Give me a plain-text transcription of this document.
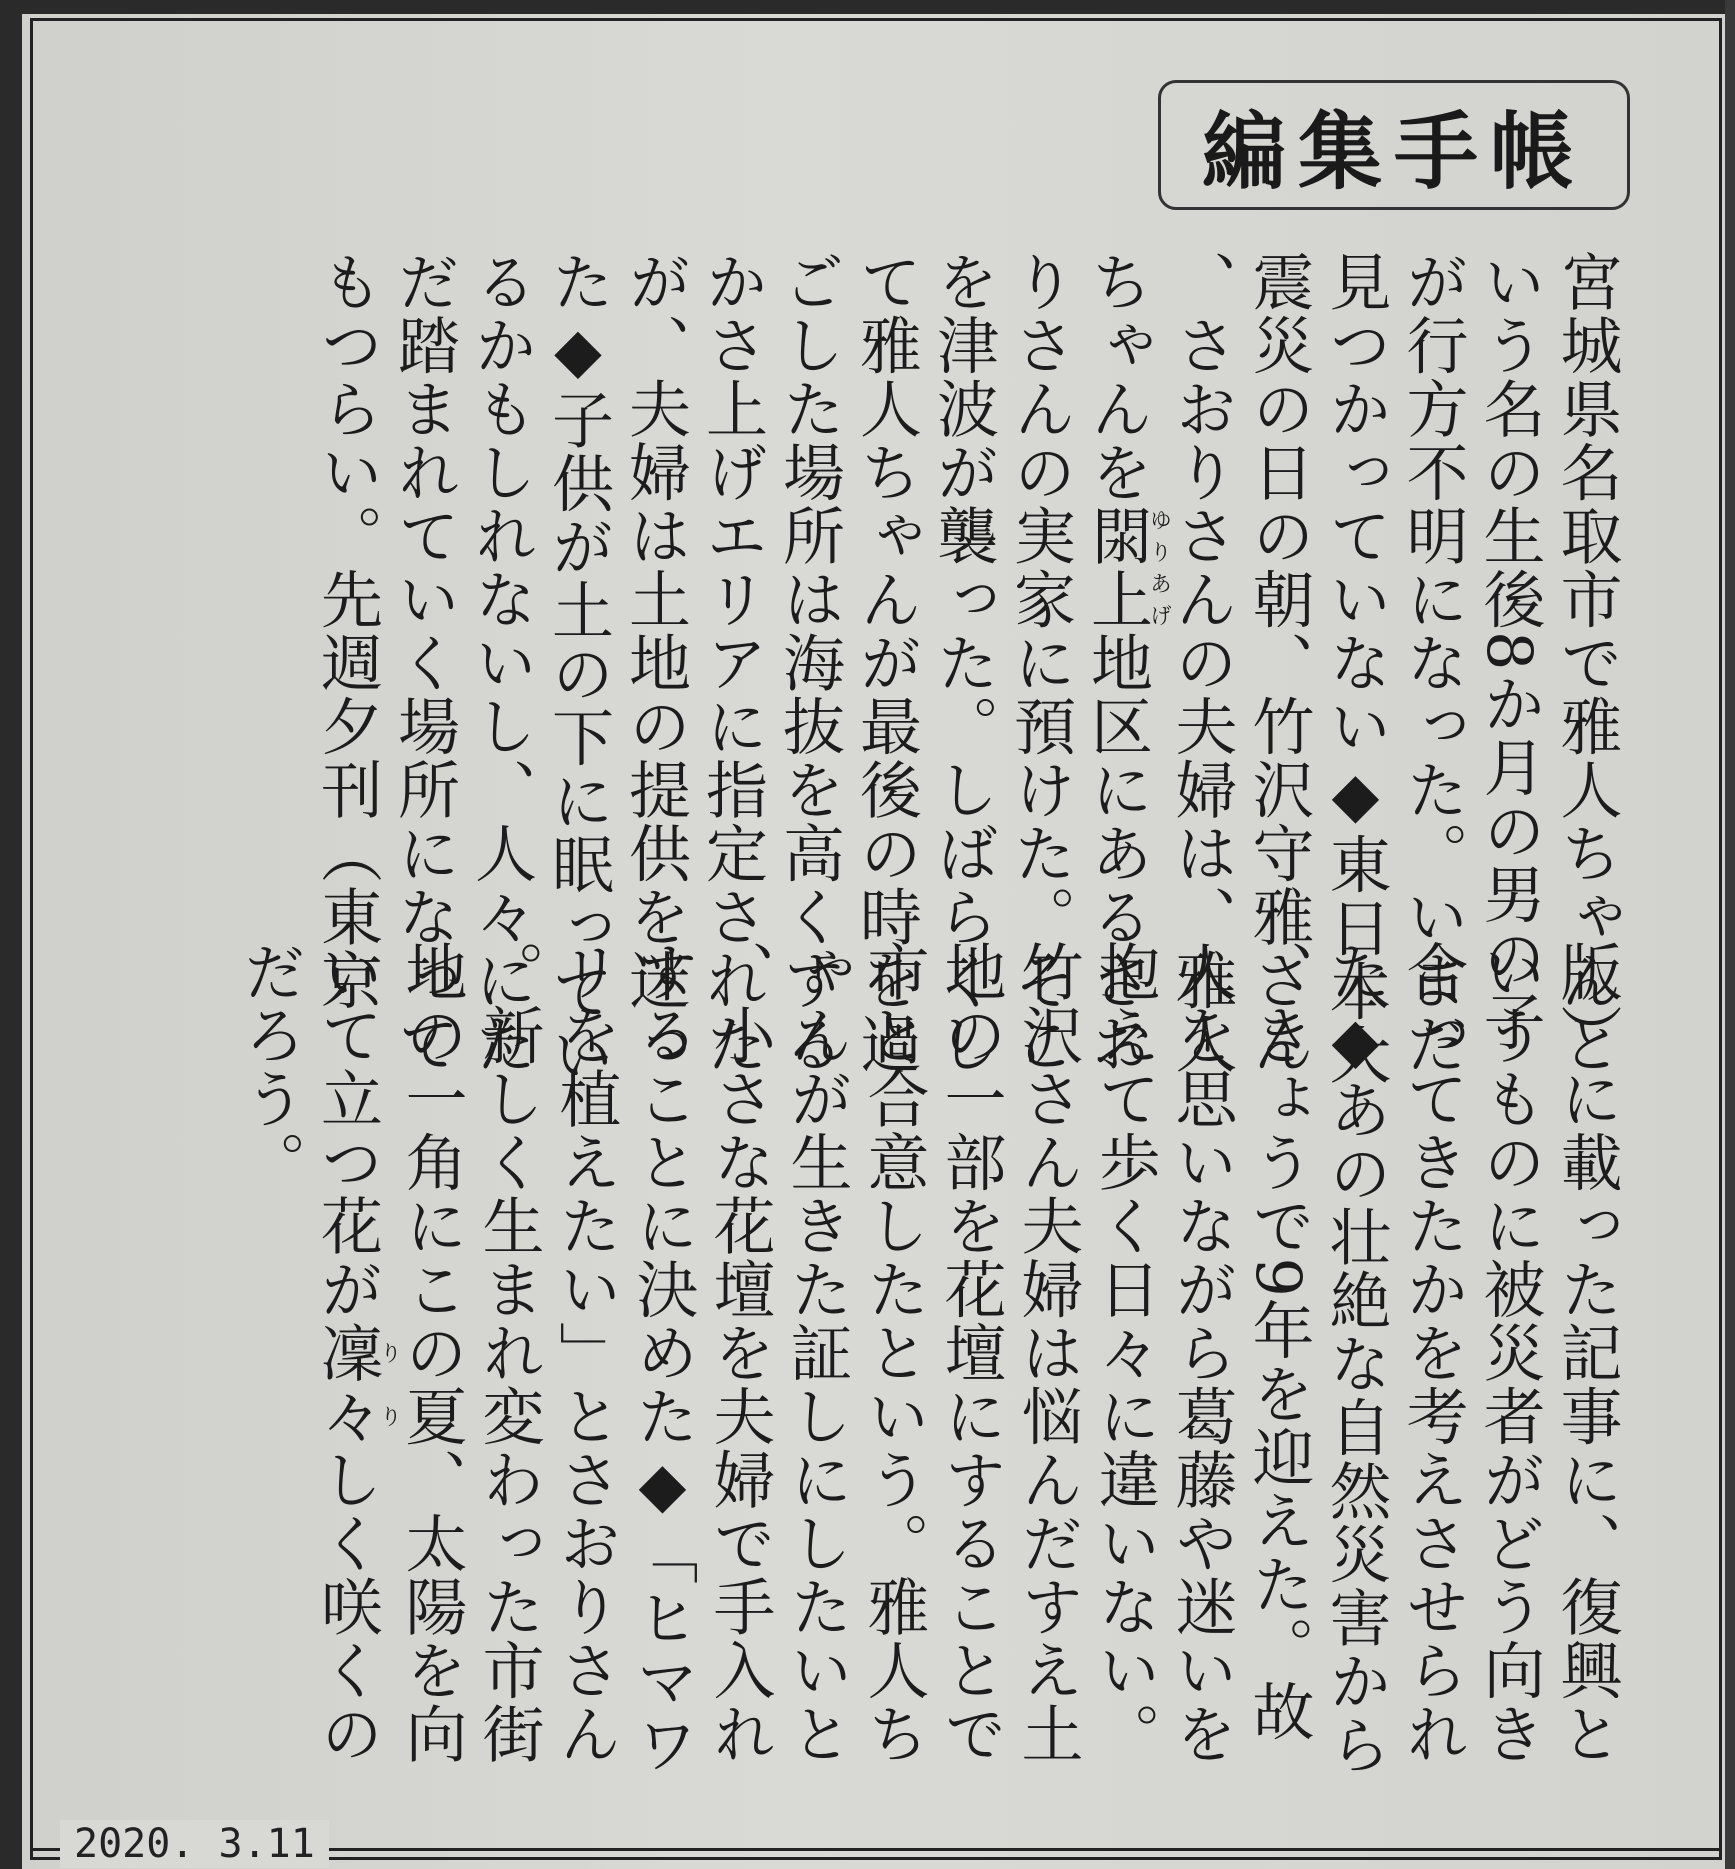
編集手帳
宮城県名取市で雅人ちゃんと
いう名の生後8か月の男の子
が行方不明になった。いまだ
見つかっていない◆東日本大
震災の日の朝、竹沢守雅さん
、さおりさんの夫婦は、雅人
ちゃんを閖上ゆりあげ地区にあるさお
りさんの実家に預けた。そこ
を津波が襲った。しばらくし
て雅人ちゃんが最後の時を過
ごした場所は海抜を高くする
かさ上げエリアに指定された
が、夫婦は土地の提供を迷っ
た◆子供が土の下に眠ってい
るかもしれないし、人々にた
だ踏まれていく場所になって
もつらい。先週夕刊（東京
版）に載った記事に、復興と
いうものに被災者がどう向き
合ってきたかを考えさせられ
た◆あの壮絶な自然災害から
、きょうで9年を迎えた。故
人を思いながら葛藤や迷いを
抱えて歩く日々に違いない。
竹沢さん夫婦は悩んだすえ土
地の一部を花壇にすることで
市と合意したという。雅人ち
ゃんが生きた証しにしたいと
、小さな花壇を夫婦で手入れ
することに決めた◆「ヒマワ
リを植えたい」とさおりさん
。新しく生まれ変わった市街
地の一角にこの夏、太陽を向
いて立つ花が凜々りりしく咲くの
だろう。
2020. 3.11
